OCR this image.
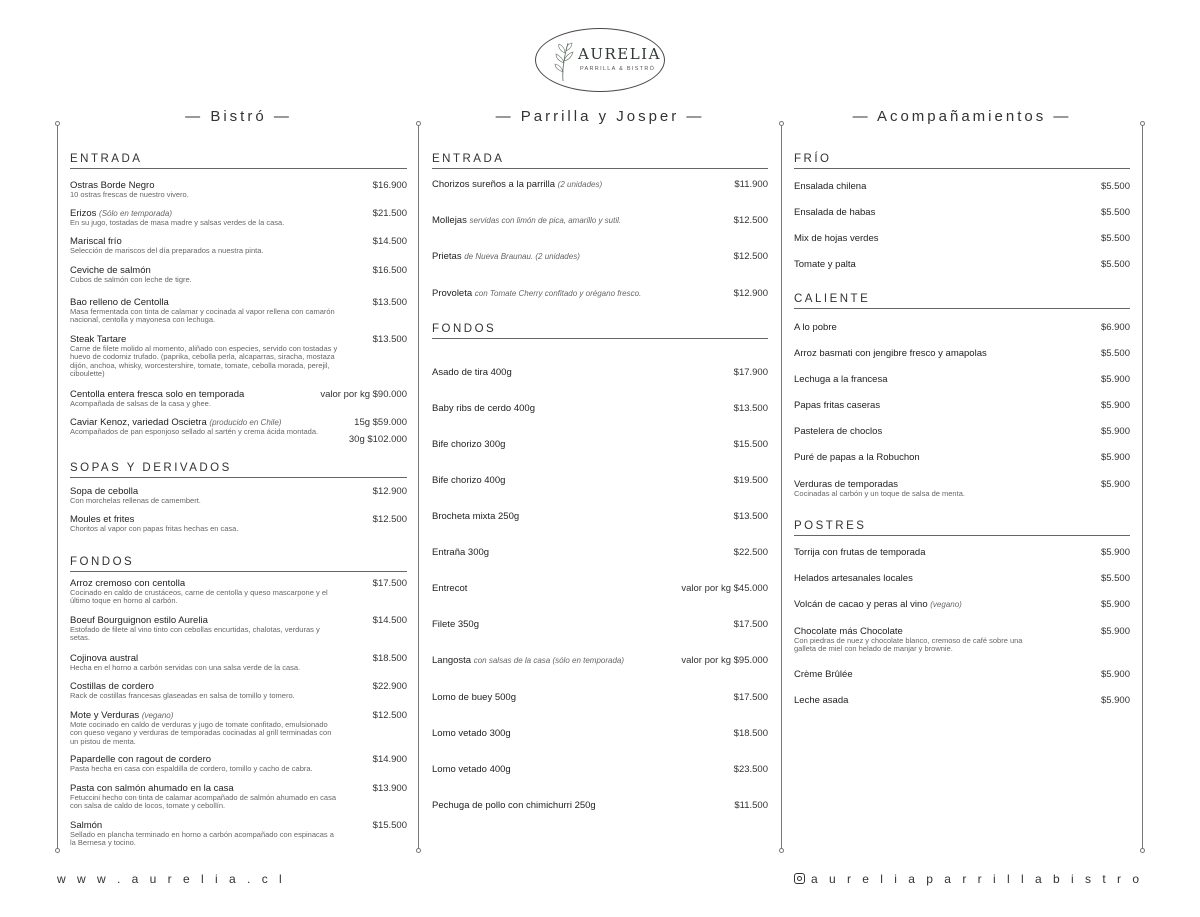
AURELIA
PARRILLA & BISTRÓ
— Bistró —
ENTRADA
Ostras Borde Negro
10 ostras frescas de nuestro vivero.
$16.900
Erizos (Sólo en temporada)
En su jugo, tostadas de masa madre y salsas verdes de la casa.
$21.500
Mariscal frío
Selección de mariscos del día preparados a nuestra pinta.
$14.500
Ceviche de salmón
Cubos de salmón con leche de tigre.
$16.500
Bao relleno de Centolla
Masa fermentada con tinta de calamar y cocinada al vapor rellena con camarón nacional, centolla y mayonesa con lechuga.
$13.500
Steak Tartare
Carne de filete molido al momento, aliñado con especies, servido con tostadas y huevo de codorniz trufado. (paprika, cebolla perla, alcaparras, siracha, mostaza dijón, anchoa, whisky, worcestershire, tomate, tomate, cebolla morada, perejil, ciboulette)
$13.500
Centolla entera fresca solo en temporada
Acompañada de salsas de la casa y ghee.
valor por kg $90.000
Caviar Kenoz, variedad Oscietra (producido en Chile)
Acompañados de pan esponjoso sellado al sartén y crema ácida montada.
15g $59.000
30g $102.000
SOPAS Y DERIVADOS
Sopa de cebolla
Con morchelas rellenas de camembert.
$12.900
Moules et frites
Choritos al vapor con papas fritas hechas en casa.
$12.500
FONDOS
Arroz cremoso con centolla
Cocinado en caldo de crustáceos, carne de centolla y queso mascarpone y el último toque en horno al carbón.
$17.500
Boeuf Bourguignon estilo Aurelia
Estofado de filete al vino tinto con cebollas encurtidas, chalotas, verduras y setas.
$14.500
Cojinova austral
Hecha en el horno a carbón servidas con una salsa verde de la casa.
$18.500
Costillas de cordero
Rack de costillas francesas glaseadas en salsa de tomillo y tomero.
$22.900
Mote y Verduras (vegano)
Mote cocinado en caldo de verduras y jugo de tomate confitado, emulsionado con queso vegano y verduras de temporadas cocinadas al grill terminadas con un pistou de menta.
$12.500
Papardelle con ragout de cordero
Pasta hecha en casa con espaldilla de cordero, tomillo y cacho de cabra.
$14.900
Pasta con salmón ahumado en la casa
Fetuccini hecho con tinta de calamar acompañado de salmón ahumado en casa con salsa de caldo de locos, tomate y cebollín.
$13.900
Salmón
Sellado en plancha terminado en horno a carbón acompañado con espinacas a la Bernesa y tocino.
$15.500
— Parrilla y Josper —
ENTRADA
Chorizos sureños a la parrilla (2 unidades)	$11.900
Mollejas servidas con limón de pica, amarillo y sutil.	$12.500
Prietas de Nueva Braunau. (2 unidades)	$12.500
Provoleta con Tomate Cherry confitado y orégano fresco.	$12.900
FONDOS
Asado de tira 400g	$17.900
Baby ribs de cerdo 400g	$13.500
Bife chorizo 300g	$15.500
Bife chorizo 400g	$19.500
Brocheta mixta 250g	$13.500
Entraña 300g	$22.500
Entrecot	valor por kg $45.000
Filete 350g	$17.500
Langosta con salsas de la casa (sólo en temporada)	valor por kg $95.000
Lomo de buey 500g	$17.500
Lomo vetado 300g	$18.500
Lomo vetado 400g	$23.500
Pechuga de pollo con chimichurri 250g	$11.500
— Acompañamientos —
FRÍO
Ensalada chilena	$5.500
Ensalada de habas	$5.500
Mix de hojas verdes	$5.500
Tomate y palta	$5.500
CALIENTE
A lo pobre	$6.900
Arroz basmati con jengibre fresco y amapolas	$5.500
Lechuga a la francesa	$5.900
Papas fritas caseras	$5.900
Pastelera de choclos	$5.900
Puré de papas a la Robuchon	$5.900
Verduras de temporadas
Cocinadas al carbón y un toque de salsa de menta.
$5.900
POSTRES
Torrija con frutas de temporada	$5.900
Helados artesanales locales	$5.500
Volcán de cacao y peras al vino (vegano)	$5.900
Chocolate más Chocolate
Con piedras de nuez y chocolate blanco, cremoso de café sobre una galleta de miel con helado de manjar y brownie.
$5.900
Crème Brûlée	$5.900
Leche asada	$5.900
w w w . a u r e l i a . c l	a u r e l i a p a r r i l l a b i s t r o
